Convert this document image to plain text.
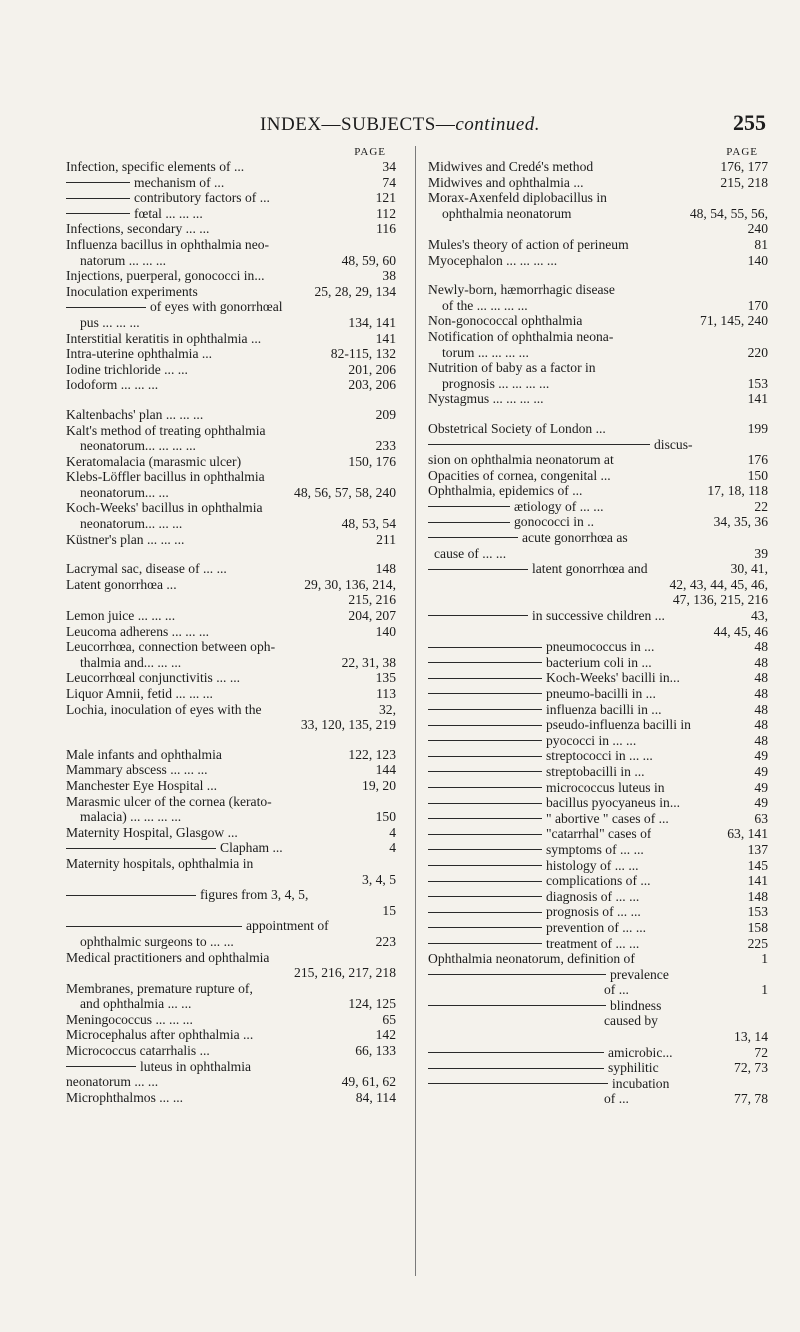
INDEX—SUBJECTS—continued.	255
PAGE
Infection, specific elements of ...	34
mechanism of ...	74
contributory factors of ...	121
fœtal ... ... ...	112
Infections, secondary ... ...	116
Influenza bacillus in ophthalmia neo-
natorum ... ... ...	48, 59, 60
Injections, puerperal, gonococci in...	38
Inoculation experiments	25, 28, 29, 134
of eyes with gonorrhœal
pus ... ... ...	134, 141
Interstitial keratitis in ophthalmia ...	141
Intra-uterine ophthalmia ...	82-115, 132
Iodine trichloride ... ...	201, 206
Iodoform ... ... ...	203, 206
Kaltenbachs' plan ... ... ...	209
Kalt's method of treating ophthalmia
neonatorum... ... ... ...	233
Keratomalacia (marasmic ulcer)	150, 176
Klebs-Löffler bacillus in ophthalmia
neonatorum... ...	48, 56, 57, 58, 240
Koch-Weeks' bacillus in ophthalmia
neonatorum... ... ...	48, 53, 54
Küstner's plan ... ... ...	211
Lacrymal sac, disease of ... ...	148
Latent gonorrhœa ...	29, 30, 136, 214,
215, 216
Lemon juice ... ... ...	204, 207
Leucoma adherens ... ... ...	140
Leucorrhœa, connection between oph-
thalmia and... ... ...	22, 31, 38
Leucorrhœal conjunctivitis ... ...	135
Liquor Amnii, fetid ... ... ...	113
Lochia, inoculation of eyes with the	32,
33, 120, 135, 219
Male infants and ophthalmia	122, 123
Mammary abscess ... ... ...	144
Manchester Eye Hospital ...	19, 20
Marasmic ulcer of the cornea (kerato-
malacia) ... ... ... ...	150
Maternity Hospital, Glasgow ...	4
Clapham ...	4
Maternity hospitals, ophthalmia in
3, 4, 5
figures from 3, 4, 5,
15
appointment of
ophthalmic surgeons to ... ...	223
Medical practitioners and ophthalmia
215, 216, 217, 218
Membranes, premature rupture of,
and ophthalmia ... ...	124, 125
Meningococcus ... ... ...	65
Microcephalus after ophthalmia ...	142
Micrococcus catarrhalis ...	66, 133
luteus in ophthalmia
neonatorum ... ...	49, 61, 62
Microphthalmos ... ...	84, 114
PAGE
Midwives and Credé's method	176, 177
Midwives and ophthalmia ...	215, 218
Morax-Axenfeld diplobacillus in
ophthalmia neonatorum	48, 54, 55, 56,
240
Mules's theory of action of perineum	81
Myocephalon ... ... ... ...	140
Newly-born, hæmorrhagic disease
of the ... ... ... ...	170
Non-gonococcal ophthalmia	71, 145, 240
Notification of ophthalmia neona-
torum ... ... ... ...	220
Nutrition of baby as a factor in
prognosis ... ... ... ...	153
Nystagmus ... ... ... ...	141
Obstetrical Society of London ...	199
discus-
sion on ophthalmia neonatorum at	176
Opacities of cornea, congenital ...	150
Ophthalmia, epidemics of ...	17, 18, 118
ætiology of ... ...	22
gonococci in ..	34, 35, 36
acute gonorrhœa as
cause of ... ...	39
latent gonorrhœa and	30, 41,
42, 43, 44, 45, 46,
47, 136, 215, 216
in successive children ...	43,
44, 45, 46
pneumococcus in ...	48
bacterium coli in ...	48
Koch-Weeks' bacilli in...	48
pneumo-bacilli in ...	48
influenza bacilli in ...	48
pseudo-influenza bacilli in	48
pyococci in ... ...	48
streptococci in ... ...	49
streptobacilli in ...	49
micrococcus luteus in	49
bacillus pyocyaneus in...	49
" abortive " cases of ...	63
"catarrhal" cases of	63, 141
symptoms of ... ...	137
histology of ... ...	145
complications of ...	141
diagnosis of ... ...	148
prognosis of ... ...	153
prevention of ... ...	158
treatment of ... ...	225
Ophthalmia neonatorum, definition of	1
prevalence
of ...	1
blindness
caused by
13, 14
amicrobic...	72
syphilitic	72, 73
incubation
of ...	77, 78
